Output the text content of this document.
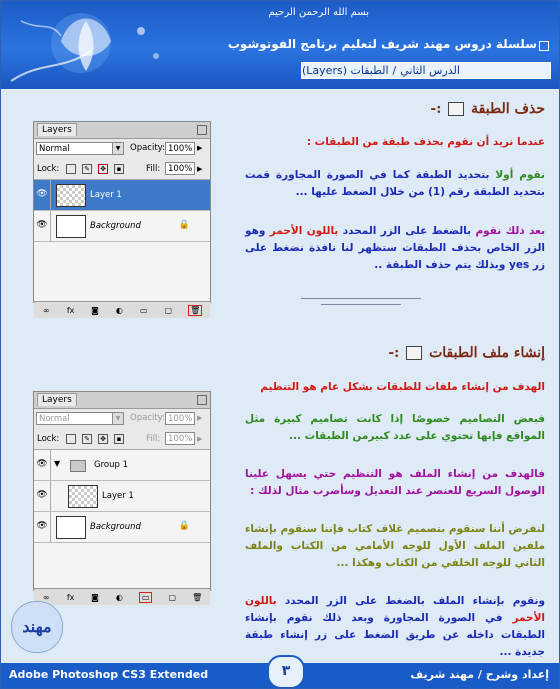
بسم الله الرحمن الرحيم
سلسلة دروس مهند شريف لتعليم برنامج الفوتوشوب
الدرس الثاني
/
الطبقات (Layers)
حذف الطبقة  :-
عندما نريد أن نقوم بحذف طبقة من الطبقات :
نقوم أولا بتحديد الطبقة كما في الصورة المجاورة قمت بتحديد الطبقة رقم (1) من خلال الضغط عليها ...
بعد ذلك نقوم بالضغط على الزر المحدد باللون الأحمر وهو الزر الخاص بحذف الطبقات ستظهر لنا نافذة نضغط على زر yes وبذلك يتم حذف الطبقة ..
Layers
Normal	▼	Opacity: 100% ▶
Lock:	✎ ✥	▪	Fill: 100% ▶
👁	Layer 1
👁	Background	🔒
∞ fx ◙ ◐ ▭ ▢ 🗑
إنشاء ملف الطبقات  :-
الهدف من إنشاء ملفات للطبقات بشكل عام هو التنظيم
فبعض التصاميم خصوصًا إذا كانت تصاميم كبيرة مثل المواقع فإنها تحتوي على عدد كبيرمن الطبقات ...
فالهدف من إنشاء الملف هو التنظيم حتي يسهل علينا الوصول السريع للعنصر عند التعديل وسأضرب مثال لذلك :
لنفرض أننا سنقوم بتصميم غلاف كتاب فإننا سنقوم بإنشاء ملفين الملف الأول للوجه الأمامي من الكتاب والملف الثاني للوجه الخلفي من الكتاب وهكذا ...
ونقوم بإنشاء الملف بالضغط على الزر المحدد باللون الأحمر في الصورة المجاورة وبعد ذلك نقوم بإنشاء الطبقات داخله عن طريق الضغط على زر إنشاء طبقة جديدة ...
Layers
Normal	▼	Opacity: 100% ▶
Lock:	✎ ✥	▪	Fill: 100% ▶
👁 ▼	Group 1
👁	Layer 1
👁	Background	🔒
∞ fx ◙ ◐	▭	▢ 🗑
مهند
Adobe Photoshop CS3 Extended	٣	إعداد وشرح / مهند شريف
